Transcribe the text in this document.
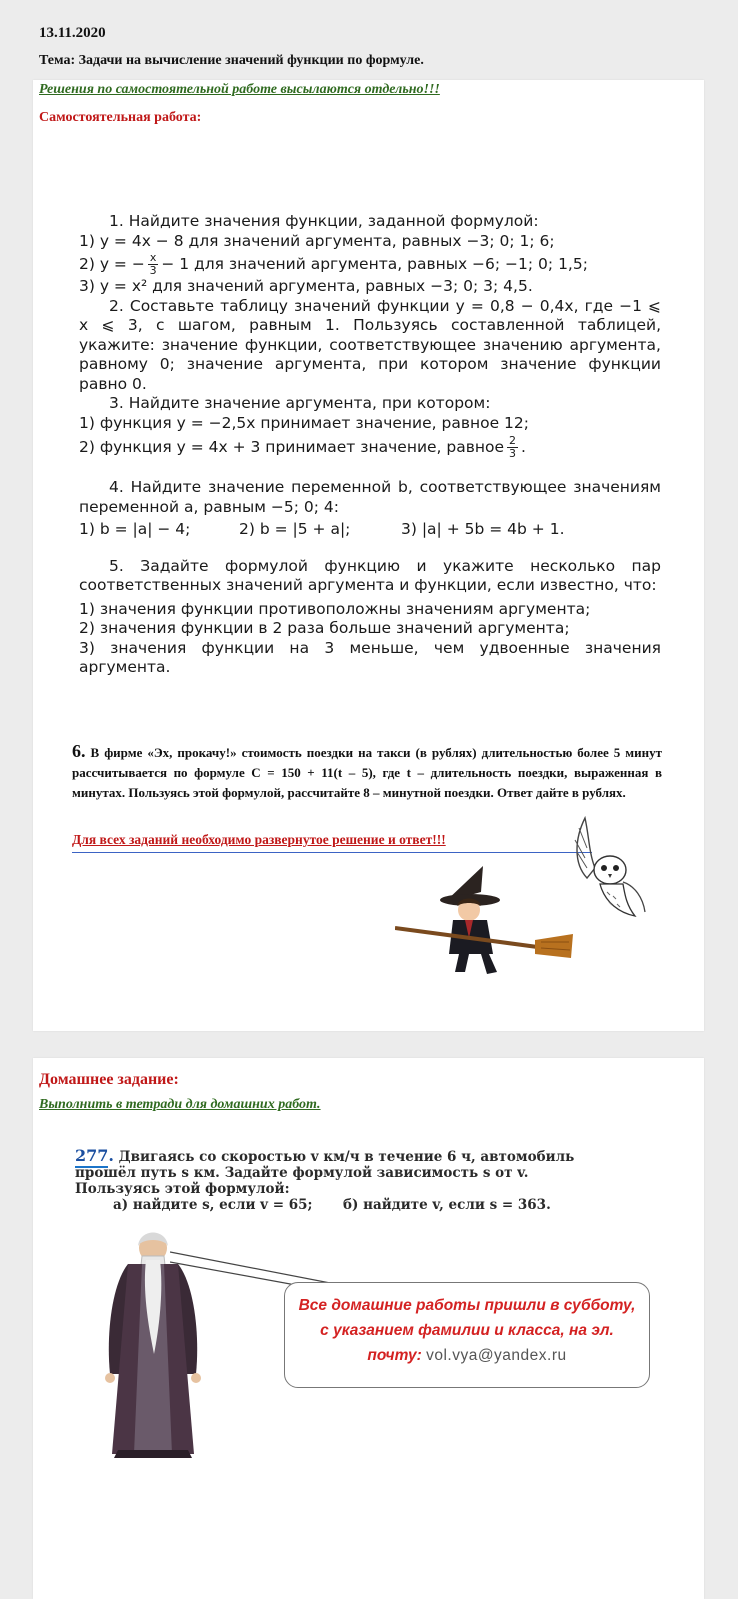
13.11.2020
Тема: Задачи на вычисление значений функции по формуле.
Решения по самостоятельной работе высылаются отдельно!!!
Самостоятельная работа:

1. Найдите значения функции, заданной формулой:

1) y = 4x − 8 для значений аргумента, равных −3; 0; 1; 6;

2) y = − $\frac{x}{3} - 1$ для значений аргумента, равных −6; −1; 0; 1,5;

3) y = x² для значений аргумента, равных −3; 0; 3; 4,5.

2. Составьте таблицу значений функции y = 0,8 − 0,4x, где −1 ⩽ x ⩽ 3, с шагом, равным 1. Пользуясь составленной таблицей, укажите: значение функции, соответствующее значению аргумента, равному 0; значение аргумента, при котором значение функции равно 0.

3. Найдите значение аргумента, при котором:

1) функция y = −2,5x принимает значение, равное 12;

2) функция y = 4x + 3 принимает значение, равное $\frac{2}{3}$ .

4. Найдите значение переменной b, соответствующее значениям переменной a, равным −5; 0; 4:

1) b = |a| − 4;	2) b = |5 + a|;	3) |a| + 5b = 4b + 1.

5. Задайте формулой функцию и укажите несколько пар соответственных значений аргумента и функции, если известно, что:

1) значения функции противоположны значениям аргумента;

2) значения функции в 2 раза больше значений аргумента;

3) значения функции на 3 меньше, чем удвоенные значения аргумента.

6. В фирме «Эх, прокачу!» стоимость поездки на такси (в рублях) длительностью более 5 минут рассчитывается по формуле C = 150 + 11(t – 5), где t – длительность поездки, выраженная в минутах. Пользуясь этой формулой, рассчитайте 8 – минутной поездки. Ответ дайте в рублях.
Для всех заданий необходимо развернутое решение и ответ!!!
Домашнее задание:
Выполнить в тетради для домашних работ.
277. Двигаясь со скоростью v км/ч в течение 6 ч, автомобиль прошёл путь s км. Задайте формулой зависимость s от v. Пользуясь этой формулой:
а) найдите s, если v = 65; б) найдите v, если s = 363.
Все домашние работы пришли в субботу,
с указанием фамилии и класса, на эл.
почту: vol.vya@yandex.ru
